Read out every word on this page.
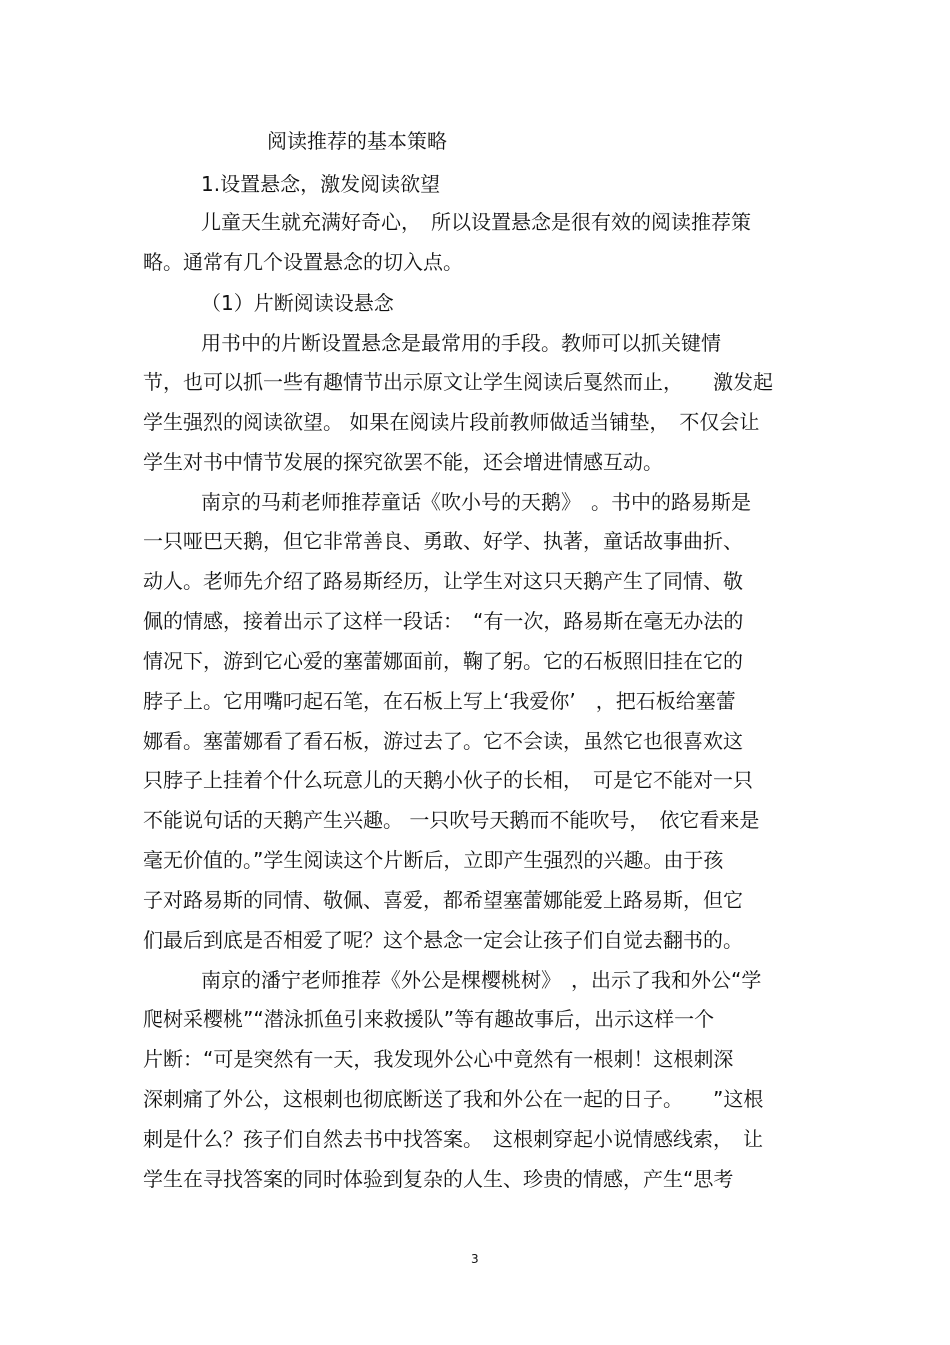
阅读推荐的基本策略
1.设置悬念，激发阅读欲望
儿童天生就充满好奇心，　所以设置悬念是很有效的阅读推荐策
略。通常有几个设置悬念的切入点。
（1）片断阅读设悬念
用书中的片断设置悬念是最常用的手段。教师可以抓关键情
节，也可以抓一些有趣情节出示原文让学生阅读后戛然而止，　　激发起
学生强烈的阅读欲望。 如果在阅读片段前教师做适当铺垫，　不仅会让
学生对书中情节发展的探究欲罢不能，还会增进情感互动。
南京的马莉老师推荐童话《吹小号的天鹅》　。书中的路易斯是
一只哑巴天鹅，但它非常善良、勇敢、好学、执著，童话故事曲折、
动人。老师先介绍了路易斯经历，让学生对这只天鹅产生了同情、敬
佩的情感，接着出示了这样一段话：　“有一次，路易斯在毫无办法的
情况下，游到它心爱的塞蕾娜面前，鞠了躬。它的石板照旧挂在它的
脖子上。它用嘴叼起石笔，在石板上写上‘我爱你’　，把石板给塞蕾
娜看。塞蕾娜看了看石板，游过去了。它不会读，虽然它也很喜欢这
只脖子上挂着个什么玩意儿的天鹅小伙子的长相，　可是它不能对一只
不能说句话的天鹅产生兴趣。 一只吹号天鹅而不能吹号，　依它看来是
毫无价值的。”学生阅读这个片断后，立即产生强烈的兴趣。由于孩
子对路易斯的同情、敬佩、喜爱，都希望塞蕾娜能爱上路易斯，但它
们最后到底是否相爱了呢？这个悬念一定会让孩子们自觉去翻书的。
南京的潘宁老师推荐《外公是棵樱桃树》　，出示了我和外公“学
爬树采樱桃”“潜泳抓鱼引来救援队”等有趣故事后，出示这样一个
片断：“可是突然有一天，我发现外公心中竟然有一根刺！这根刺深
深刺痛了外公，这根刺也彻底断送了我和外公在一起的日子。　　”这根
刺是什么？孩子们自然去书中找答案。　这根刺穿起小说情感线索，　让
学生在寻找答案的同时体验到复杂的人生、珍贵的情感，产生“思考
3
